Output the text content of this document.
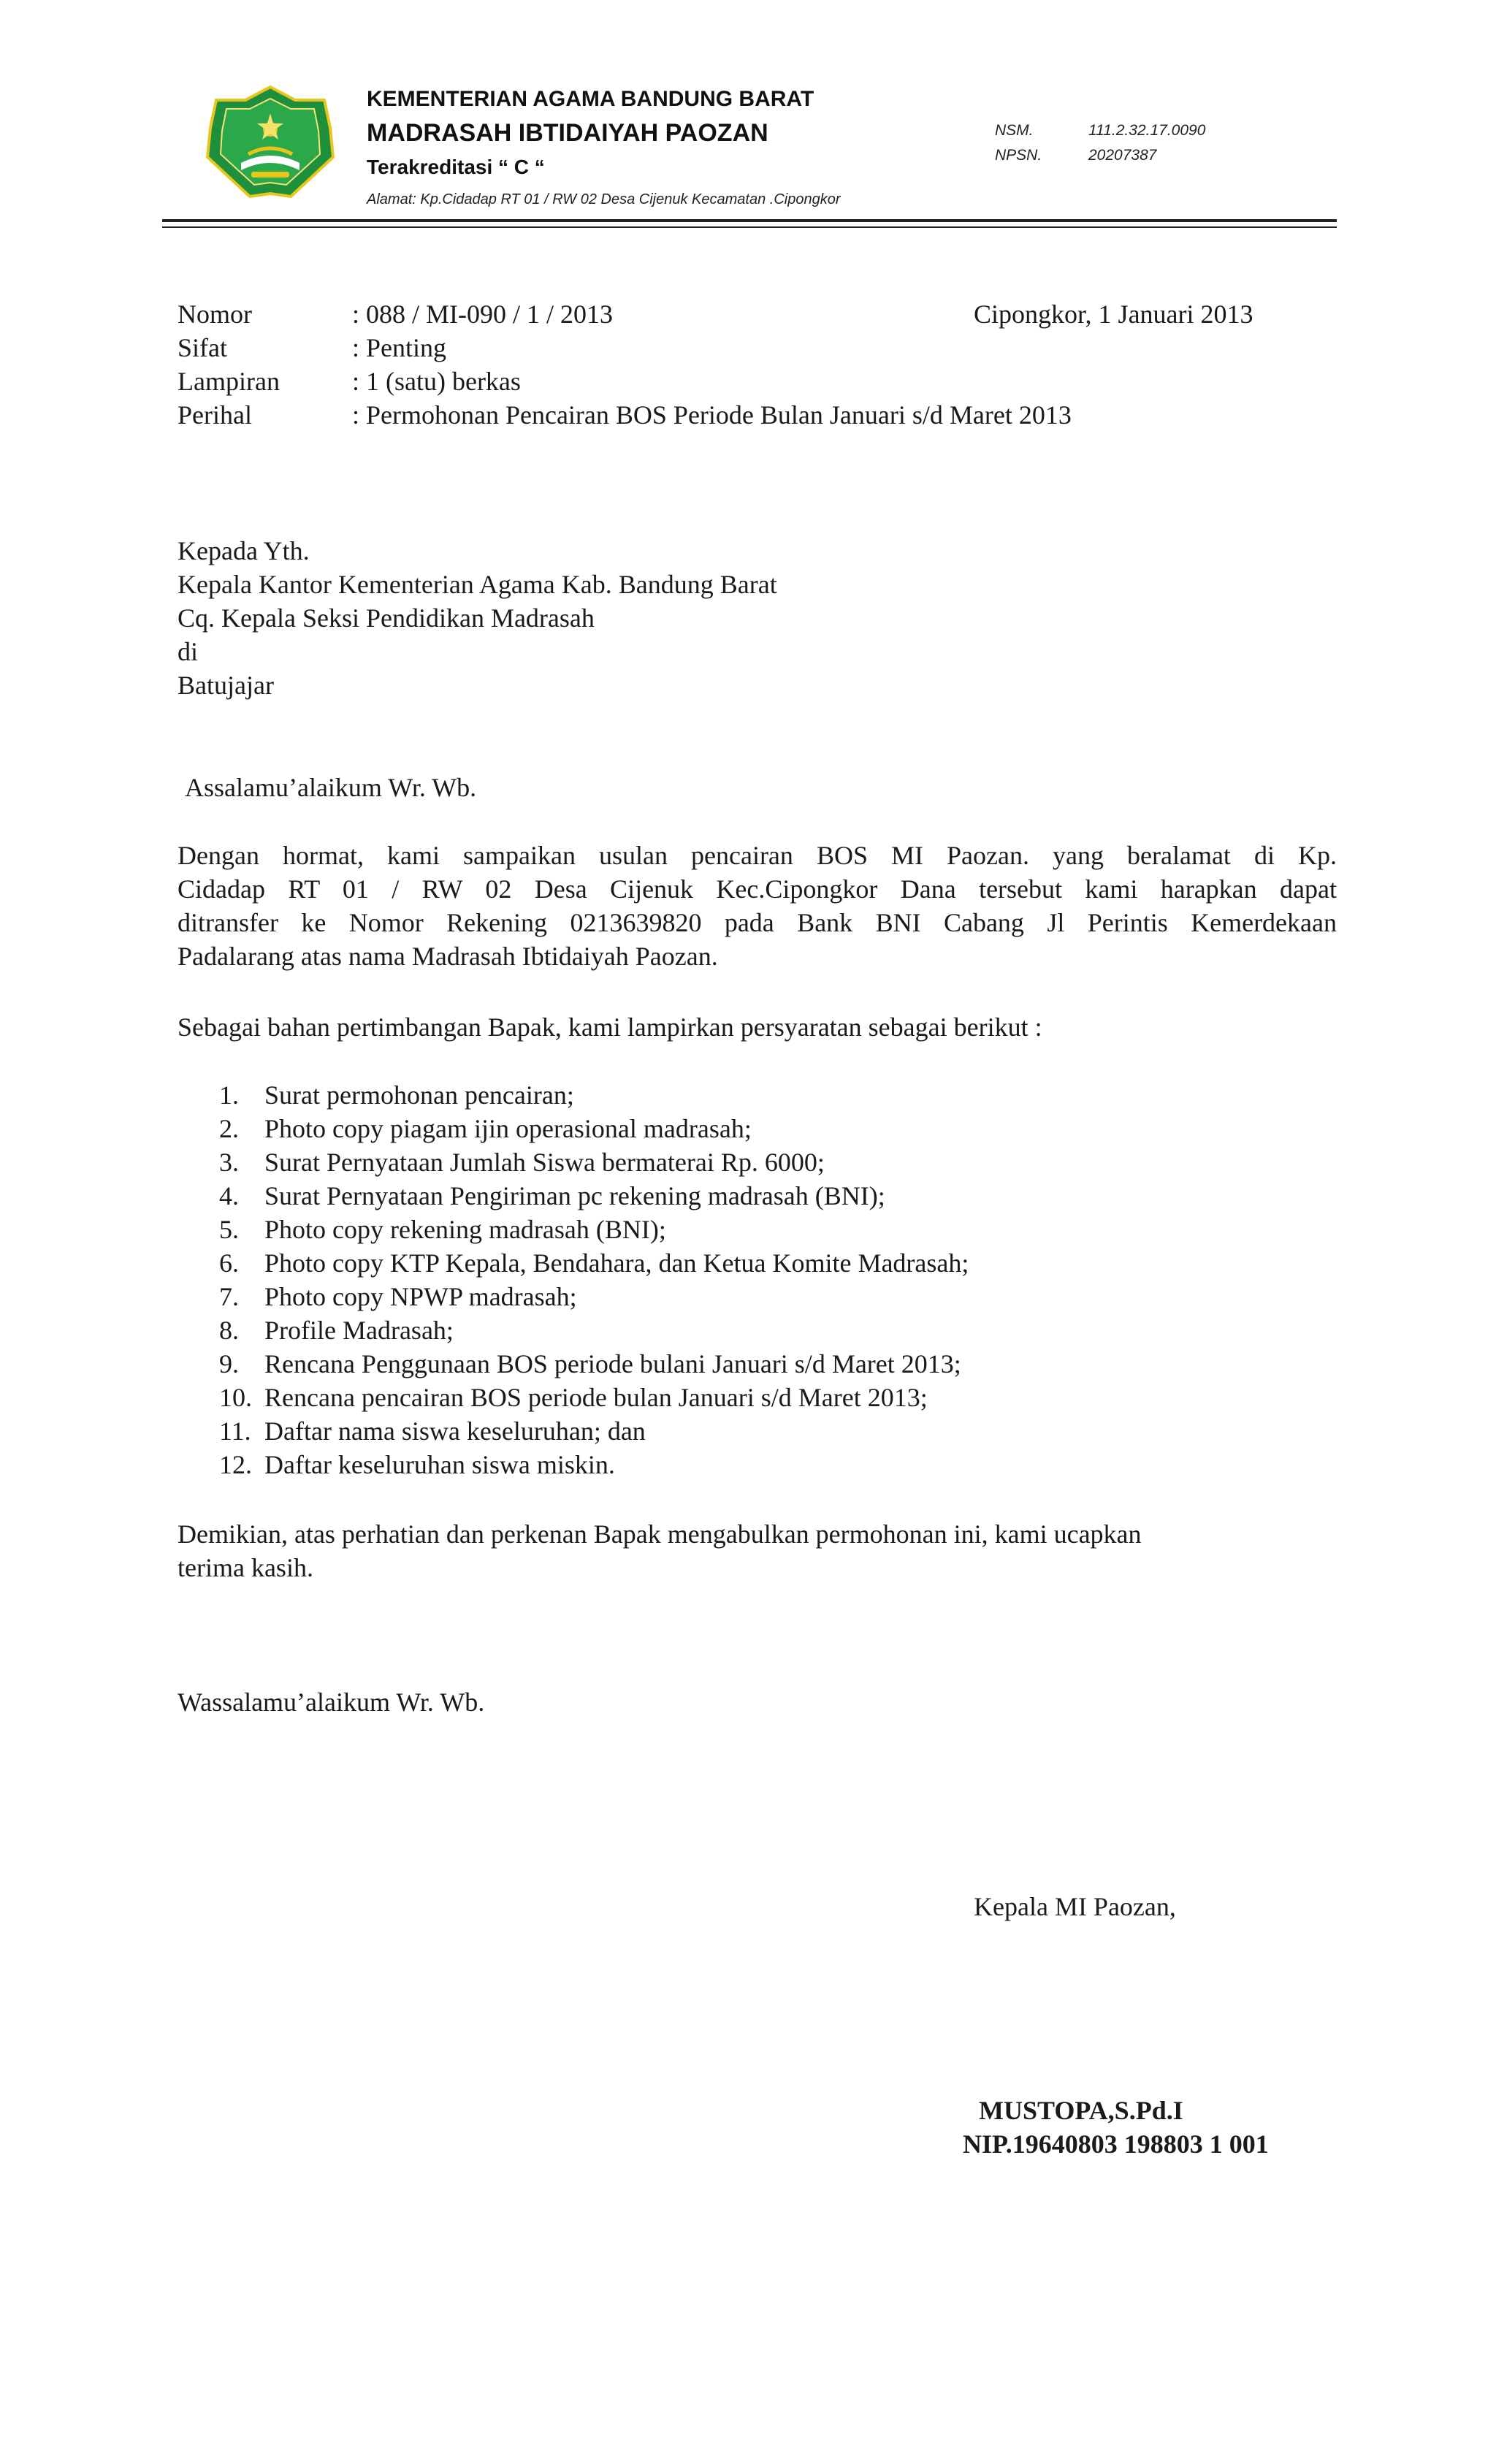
KEMENTERIAN AGAMA BANDUNG BARAT
MADRASAH IBTIDAIYAH PAOZAN
Terakreditasi “ C “
Alamat: Kp.Cidadap RT 01 / RW 02 Desa Cijenuk Kecamatan .Cipongkor
NSM.	111.2.32.17.0090
NPSN.	20207387
Nomor	: 088 / MI-090 / 1 / 2013	Cipongkor, 1 Januari 2013
Sifat	: Penting
Lampiran	: 1 (satu) berkas
Perihal	: Permohonan Pencairan BOS Periode Bulan Januari s/d Maret 2013
Kepada Yth.
Kepala Kantor Kementerian Agama Kab. Bandung Barat
Cq. Kepala Seksi Pendidikan Madrasah
di
Batujajar
Assalamu’alaikum Wr. Wb.
Dengan hormat, kami sampaikan usulan pencairan BOS MI Paozan. yang beralamat di Kp.
Cidadap RT 01 / RW 02 Desa Cijenuk Kec.Cipongkor Dana tersebut kami harapkan dapat
ditransfer ke Nomor Rekening 0213639820 pada Bank BNI Cabang Jl Perintis Kemerdekaan
Padalarang atas nama Madrasah Ibtidaiyah Paozan.
Sebagai bahan pertimbangan Bapak, kami lampirkan persyaratan sebagai berikut :
1. Surat permohonan pencairan;
2. Photo copy piagam ijin operasional madrasah;
3. Surat Pernyataan Jumlah Siswa bermaterai Rp. 6000;
4. Surat Pernyataan Pengiriman pc rekening madrasah (BNI);
5. Photo copy rekening madrasah (BNI);
6. Photo copy KTP Kepala, Bendahara, dan Ketua Komite Madrasah;
7. Photo copy NPWP madrasah;
8. Profile Madrasah;
9. Rencana Penggunaan BOS periode bulani Januari s/d Maret 2013;
10. Rencana pencairan BOS periode bulan Januari s/d Maret 2013;
11. Daftar nama siswa keseluruhan; dan
12. Daftar keseluruhan siswa miskin.
Demikian, atas perhatian dan perkenan Bapak mengabulkan permohonan ini, kami ucapkan
terima kasih.
Wassalamu’alaikum Wr. Wb.
Kepala MI Paozan,
MUSTOPA,S.Pd.I
NIP.19640803 198803 1 001
